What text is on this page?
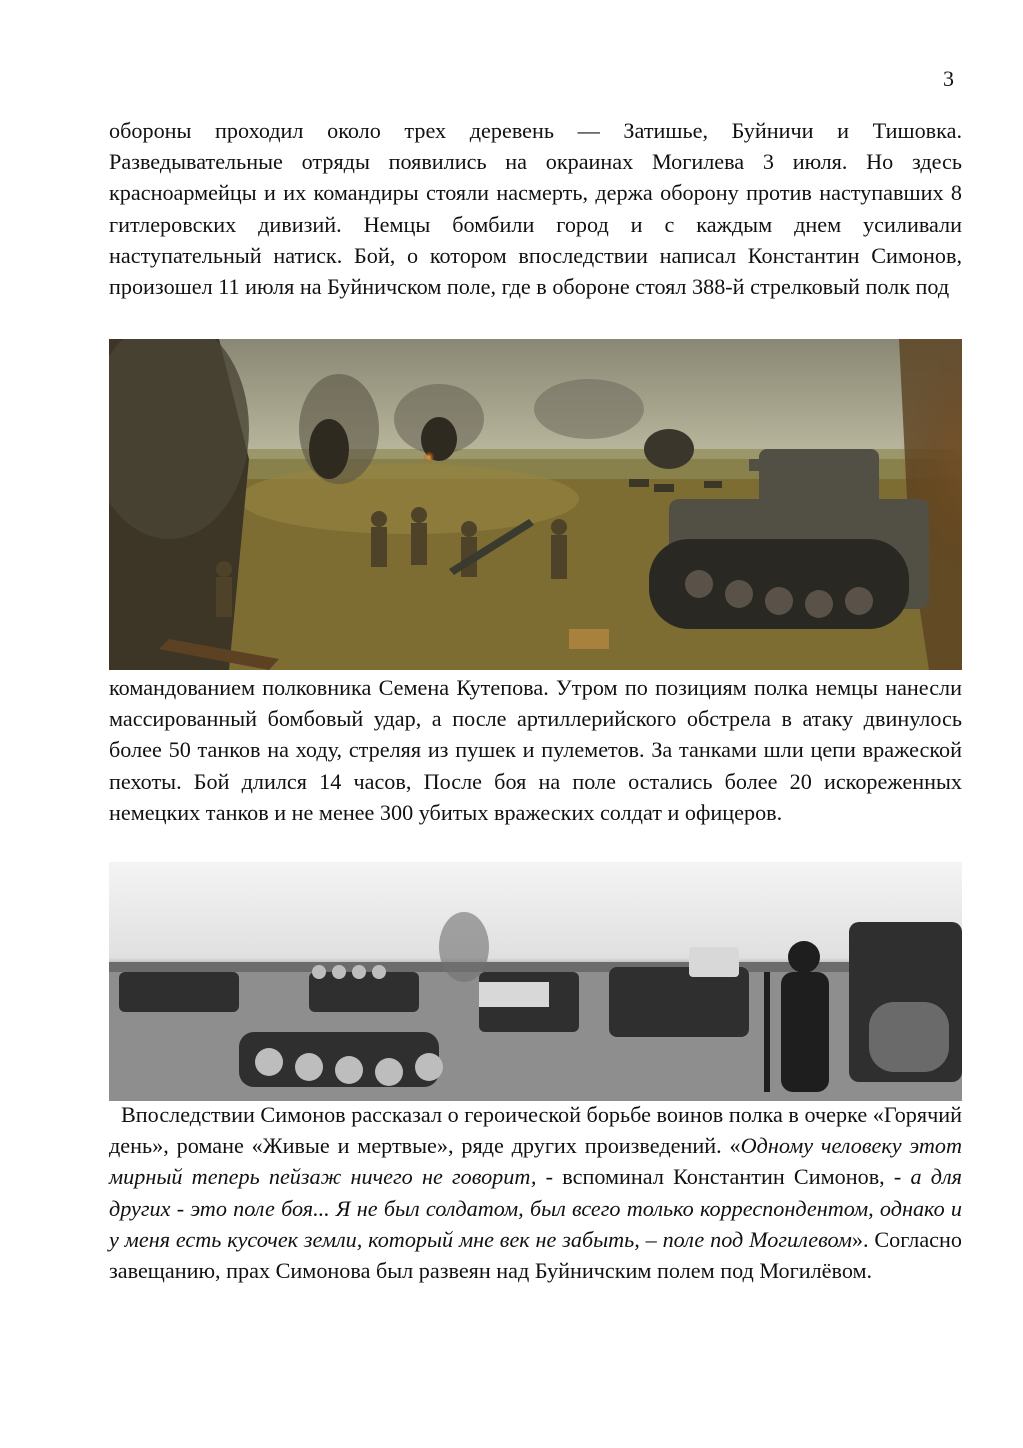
3

обороны проходил около трех деревень — Затишье, Буйничи и Тишовка. Разведывательные отряды появились на окраинах Могилева 3 июля. Но здесь красноармейцы и их командиры стояли насмерть, держа оборону против наступавших 8 гитлеровских дивизий. Немцы бомбили город и с каждым днем усиливали наступательный натиск. Бой, о котором впоследствии написал Константин Симонов, произошел 11 июля на Буйничском поле, где в обороне стоял 388-й стрелковый полк под

командованием полковника Семена Кутепова. Утром по позициям полка немцы нанесли массированный бомбовый удар, а после артиллерийского обстрела в атаку двинулось более 50 танков на ходу, стреляя из пушек и пулеметов. За танками шли цепи вражеской пехоты. Бой длился 14 часов, После боя на поле остались более 20 искореженных немецких танков и не менее 300 убитых вражеских солдат и офицеров.

Впоследствии Симонов рассказал о героической борьбе воинов полка в очерке «Горячий день», романе «Живые и мертвые», ряде других произведений. «Одному человеку этот мирный теперь пейзаж ничего не говорит, - вспоминал Константин Симонов, - а для других - это поле боя... Я не был солдатом, был всего только корреспондентом, однако и у меня есть кусочек земли, который мне век не забыть, – поле под Могилевом». Согласно завещанию, прах Симонова был развеян над Буйничским полем под Могилёвом.
